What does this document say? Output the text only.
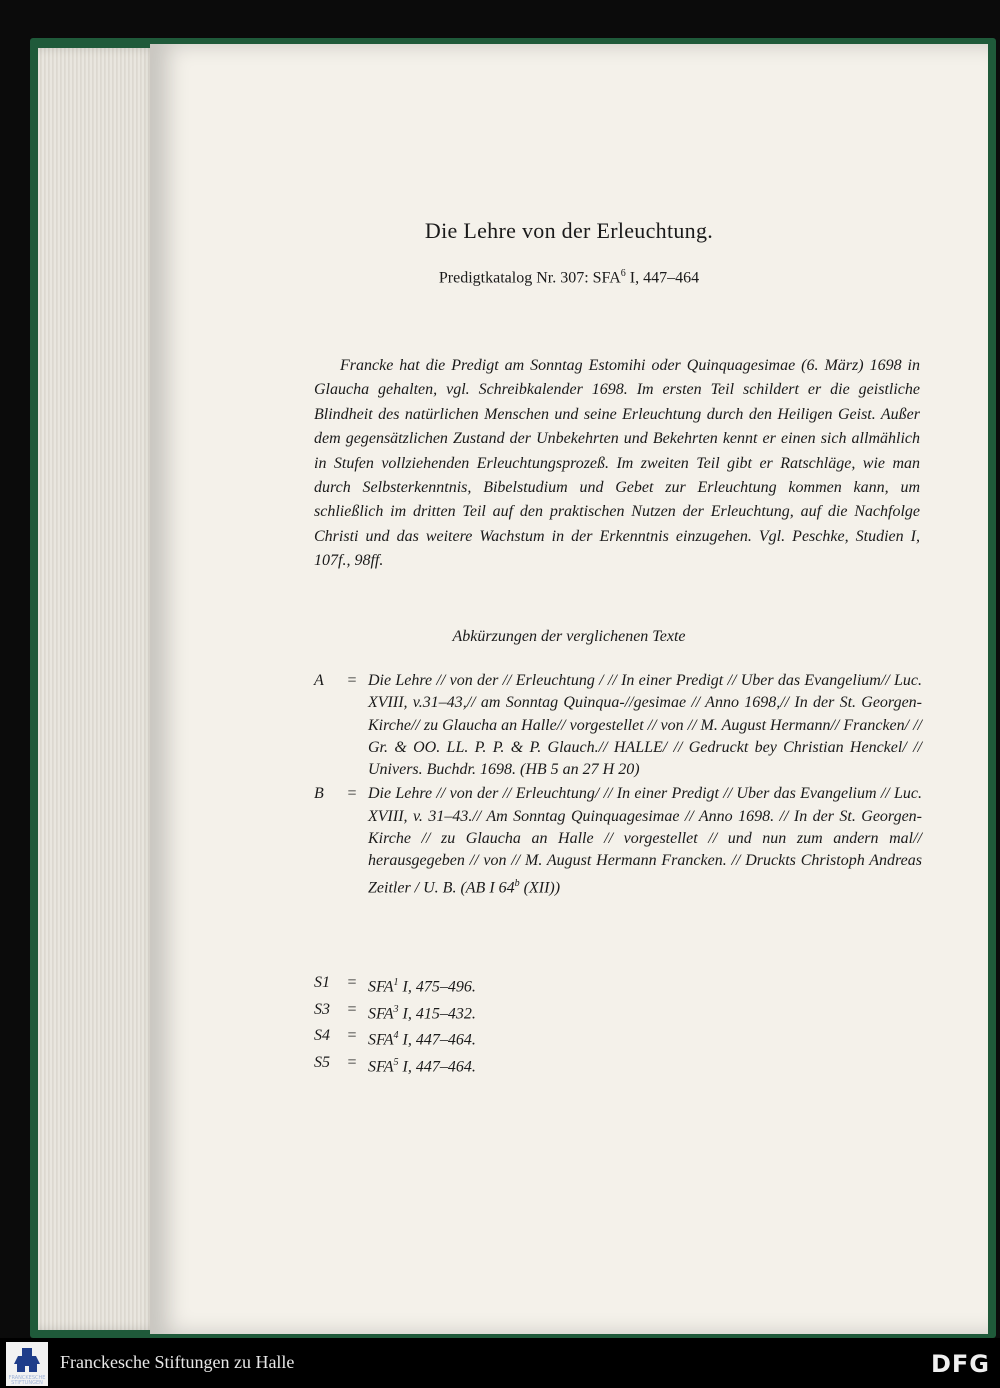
Die Lehre von der Erleuchtung.
Predigtkatalog Nr. 307: SFA$^6$ I, 447–464
Francke hat die Predigt am Sonntag Estomihi oder Quinquagesimae (6. März) 1698 in Glaucha gehalten, vgl. Schreibkalender 1698. Im ersten Teil schildert er die geistliche Blindheit des natürlichen Menschen und seine Erleuchtung durch den Heiligen Geist. Außer dem gegensätzlichen Zustand der Unbekehrten und Bekehrten kennt er einen sich allmählich in Stufen vollziehenden Erleuchtungsprozeß. Im zweiten Teil gibt er Ratschläge, wie man durch Selbsterkenntnis, Bibelstudium und Gebet zur Erleuchtung kommen kann, um schließlich im dritten Teil auf den praktischen Nutzen der Erleuchtung, auf die Nachfolge Christi und das weitere Wachstum in der Erkenntnis einzugehen. Vgl. Peschke, Studien I, 107f., 98ff.
Abkürzungen der verglichenen Texte
A	= Die Lehre // von der // Erleuchtung / // In einer Predigt // Uber das Evangelium// Luc. XVIII, v.31–43,// am Sonntag Quinqua-//gesimae // Anno 1698,// In der St. Georgen-Kirche// zu Glaucha an Halle// vorgestellet // von // M. August Hermann// Francken/ // Gr. & OO. LL. P. P. & P. Glauch.// HALLE/ // Gedruckt bey Christian Henckel/ // Univers. Buchdr. 1698. (HB 5 an 27 H 20)
B	= Die Lehre // von der // Erleuchtung/ // In einer Predigt // Uber das Evangelium // Luc. XVIII, v. 31–43.// Am Sonntag Quinquagesimae // Anno 1698. // In der St. Georgen-Kirche // zu Glaucha an Halle // vorgestellet // und nun zum andern mal// herausgegeben // von // M. August Hermann Francken. // Druckts Christoph Andreas Zeitler / U. B. (AB I 64$^b$ (XII))
S1	= $SFA^1$ I, 475–496.
S3	= $SFA^3$ I, 415–432.
S4	= $SFA^4$ I, 447–464.
S5	= $SFA^5$ I, 447–464.
FRANCKESCHE STIFTUNGEN
Franckesche Stiftungen zu Halle	DFG
